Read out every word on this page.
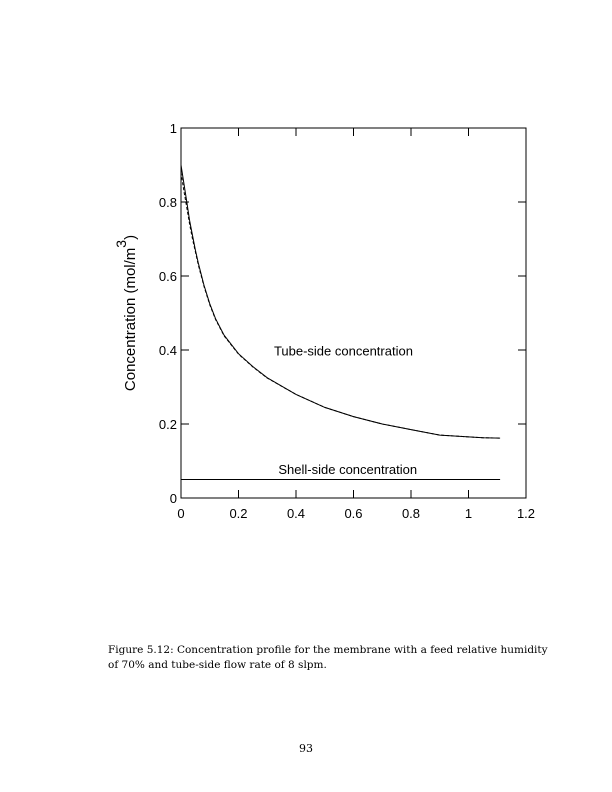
0	0.2	0.4	0.6	0.8	1	1.2
0
0.2
0.4
0.6
0.8
1
Tube-side concentration
Shell-side concentration
Concentration (mol/m3)
Figure 5.12: Concentration profile for the membrane with a feed relative humidity of 70% and tube-side flow rate of 8 slpm.
93
